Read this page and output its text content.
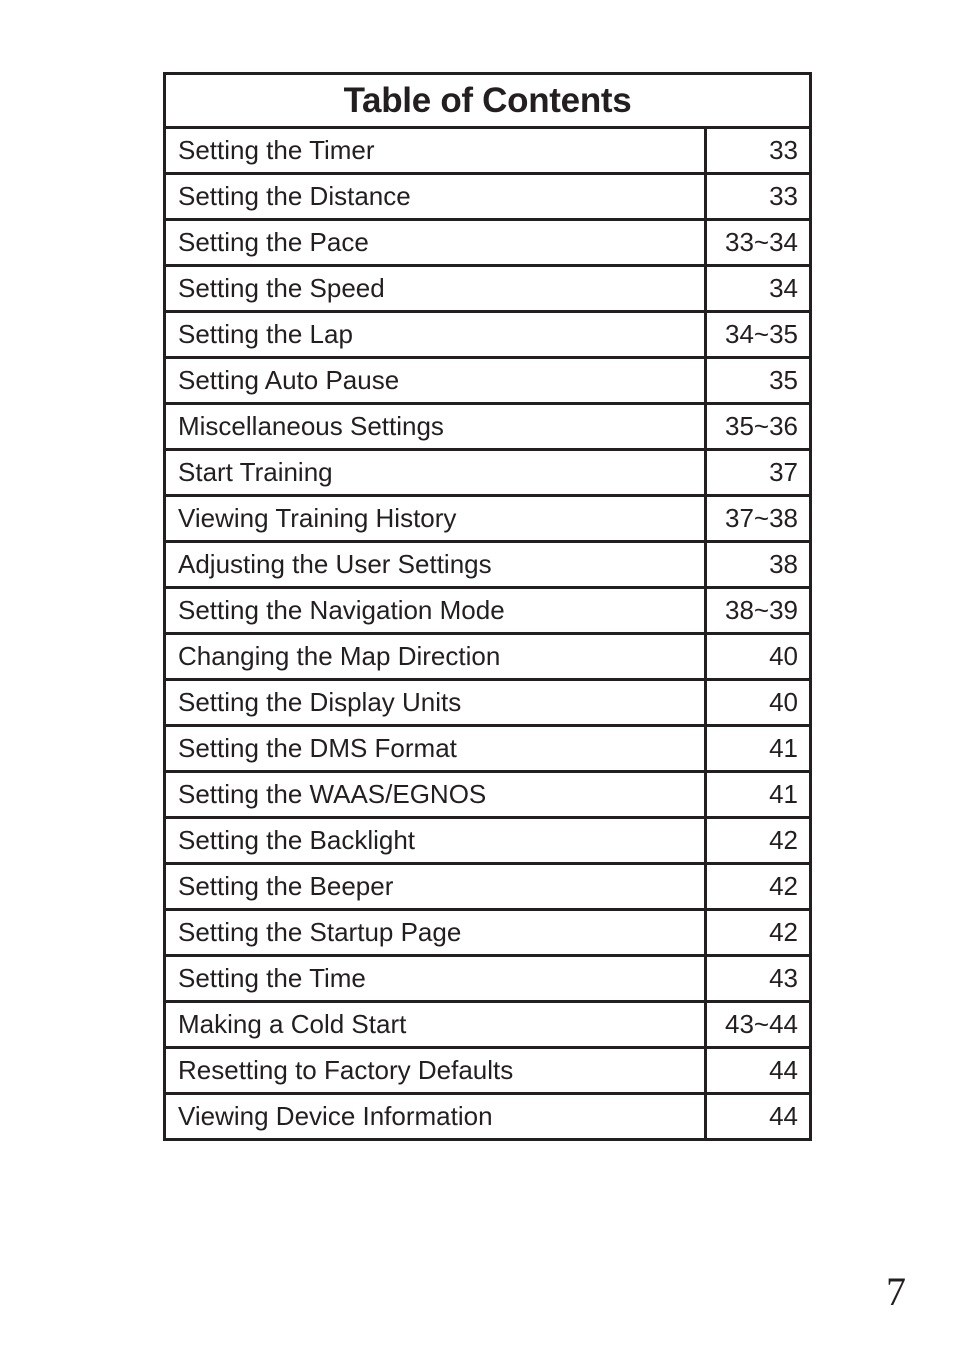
Table of Contents	
Setting the Timer	33
Setting the Distance	33
Setting the Pace	33~34
Setting the Speed	34
Setting the Lap	34~35
Setting Auto Pause	35
Miscellaneous Settings	35~36
Start Training	37
Viewing Training History	37~38
Adjusting the User Settings	38
Setting the Navigation Mode	38~39
Changing the Map Direction	40
Setting the Display Units	40
Setting the DMS Format	41
Setting the WAAS/EGNOS	41
Setting the Backlight	42
Setting the Beeper	42
Setting the Startup Page	42
Setting the Time	43
Making a Cold Start	43~44
Resetting to Factory Defaults	44
Viewing Device Information	44
7
